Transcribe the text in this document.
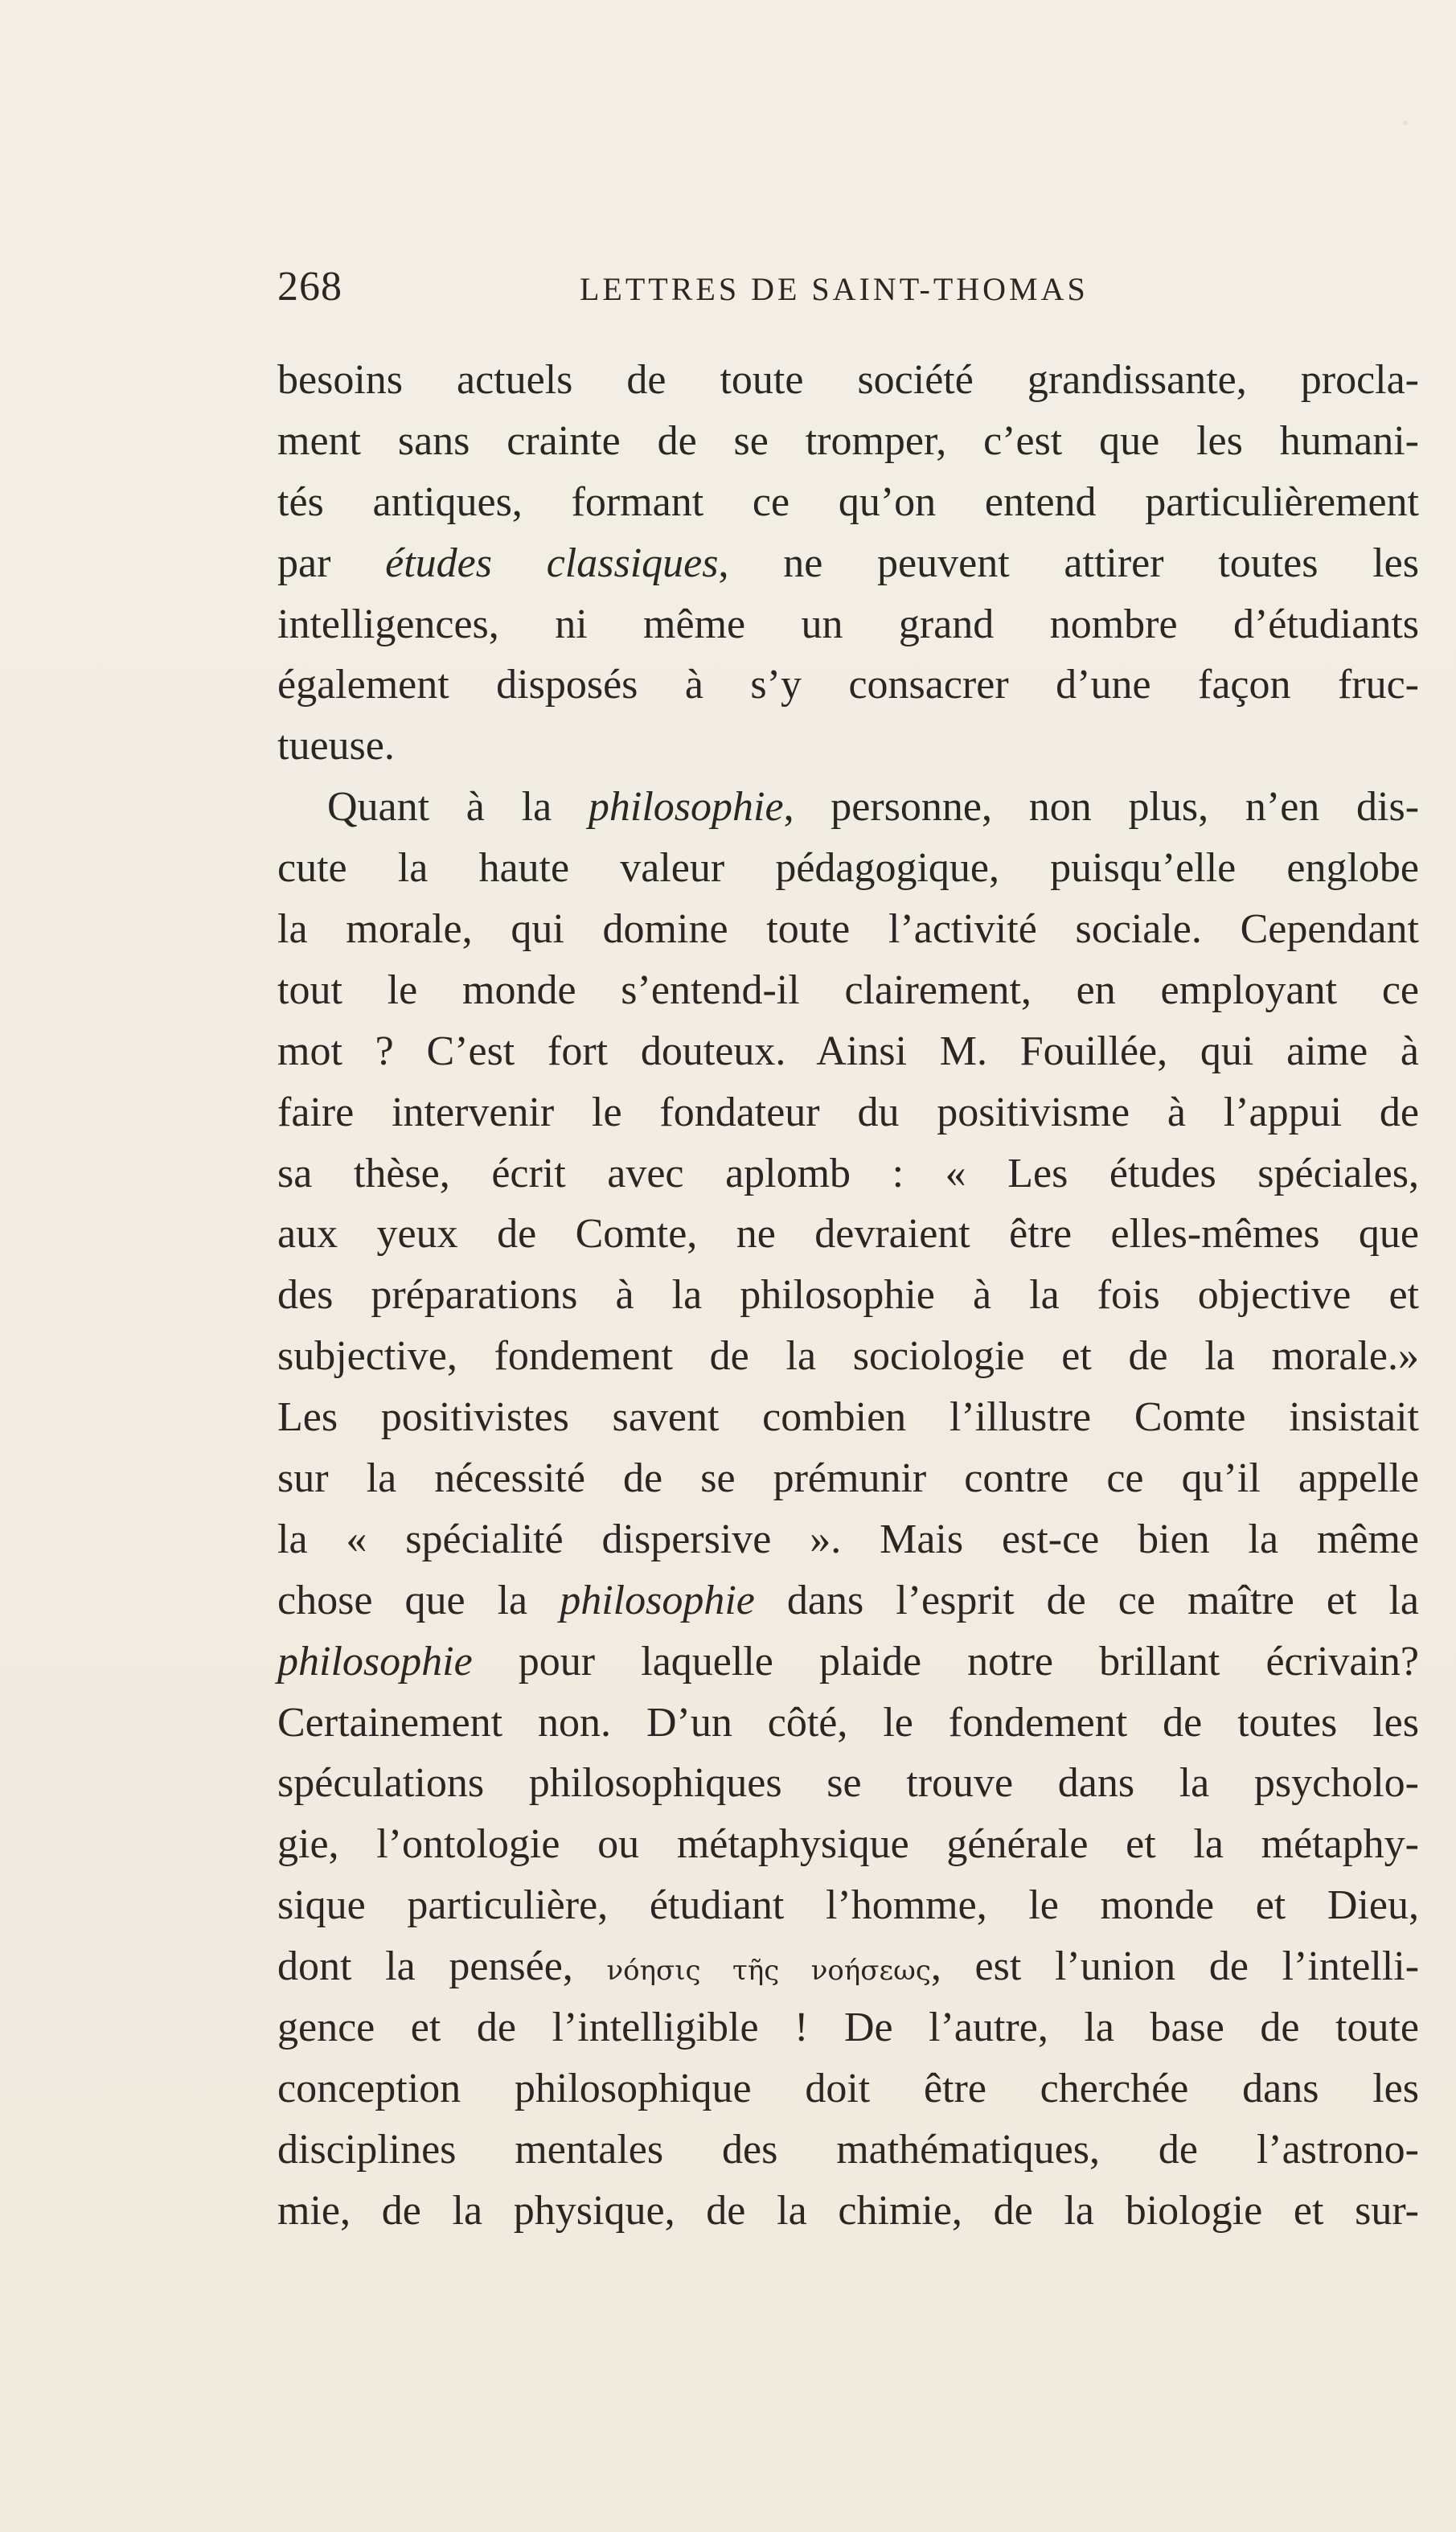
268	LETTRES DE SAINT-THOMAS
besoins actuels de toute société grandissante, procla-
ment sans crainte de se tromper, c’est que les humani-
tés antiques, formant ce qu’on entend particulièrement
par études classiques, ne peuvent attirer toutes les
intelligences, ni même un grand nombre d’étudiants
également disposés à s’y consacrer d’une façon fruc-
tueuse.
Quant à la philosophie, personne, non plus, n’en dis-
cute la haute valeur pédagogique, puisqu’elle englobe
la morale, qui domine toute l’activité sociale. Cependant
tout le monde s’entend-il clairement, en employant ce
mot ? C’est fort douteux. Ainsi M. Fouillée, qui aime à
faire intervenir le fondateur du positivisme à l’appui de
sa thèse, écrit avec aplomb : « Les études spéciales,
aux yeux de Comte, ne devraient être elles-mêmes que
des préparations à la philosophie à la fois objective et
subjective, fondement de la sociologie et de la morale.»
Les positivistes savent combien l’illustre Comte insistait
sur la nécessité de se prémunir contre ce qu’il appelle
la « spécialité dispersive ». Mais est-ce bien la même
chose que la philosophie dans l’esprit de ce maître et la
philosophie pour laquelle plaide notre brillant écrivain?
Certainement non. D’un côté, le fondement de toutes les
spéculations philosophiques se trouve dans la psycholo-
gie, l’ontologie ou métaphysique générale et la métaphy-
sique particulière, étudiant l’homme, le monde et Dieu,
dont la pensée, νόησις τῆς νοήσεως, est l’union de l’intelli-
gence et de l’intelligible ! De l’autre, la base de toute
conception philosophique doit être cherchée dans les
disciplines mentales des mathématiques, de l’astrono-
mie, de la physique, de la chimie, de la biologie et sur-
